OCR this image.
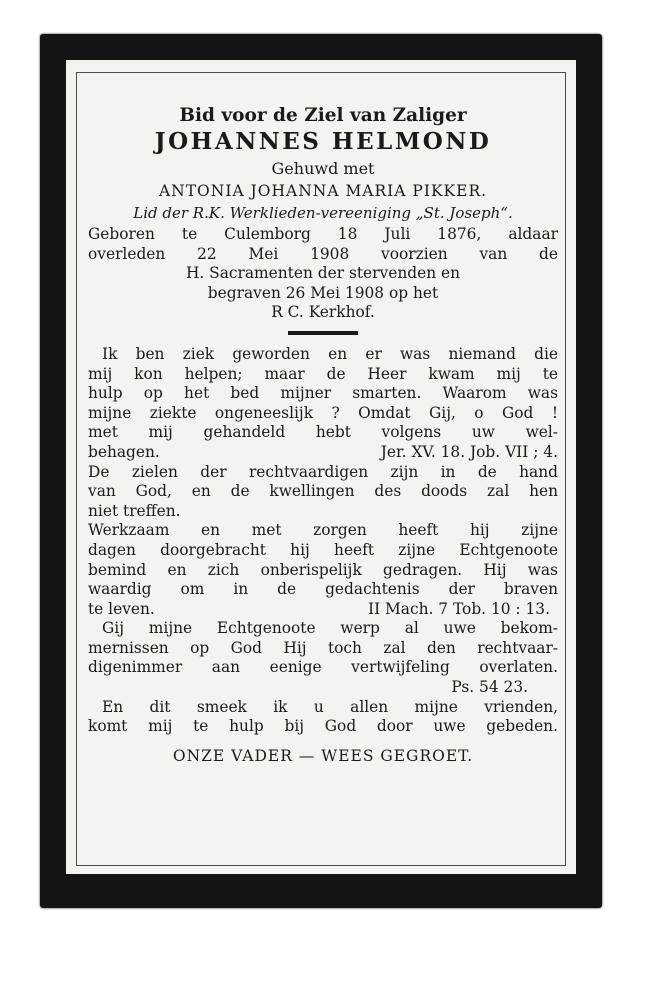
Bid voor de Ziel van Zaliger
JOHANNES HELMOND
Gehuwd met
ANTONIA JOHANNA MARIA PIKKER.
Lid der R.K. Werklieden-vereeniging „St. Joseph“.
Geboren te Culemborg 18 Juli 1876, aldaar
overleden 22 Mei 1908 voorzien van de
H. Sacramenten der stervenden en
begraven 26 Mei 1908 op het
R C. Kerkhof.
Ik ben ziek geworden en er was niemand die
mij kon helpen; maar de Heer kwam mij te
hulp op het bed mijner smarten. Waarom was
mijne ziekte ongeneeslijk ? Omdat Gij, o God !
met mij gehandeld hebt volgens uw wel-
behagen.	Jer. XV. 18. Job. VII ; 4.
De zielen der rechtvaardigen zijn in de hand
van God, en de kwellingen des doods zal hen
niet treffen.
Werkzaam en met zorgen heeft hij zijne
dagen doorgebracht hij heeft zijne Echtgenoote
bemind en zich onberispelijk gedragen. Hij was
waardig om in de gedachtenis der braven
te leven.	II Mach. 7 Tob. 10 : 13.
Gij mijne Echtgenoote werp al uwe bekom-
mernissen op God Hij toch zal den rechtvaar-
digenimmer aan eenige vertwijfeling overlaten.
Ps. 54 23.
En dit smeek ik u allen mijne vrienden,
komt mij te hulp bij God door uwe gebeden.
ONZE VADER — WEES GEGROET.
